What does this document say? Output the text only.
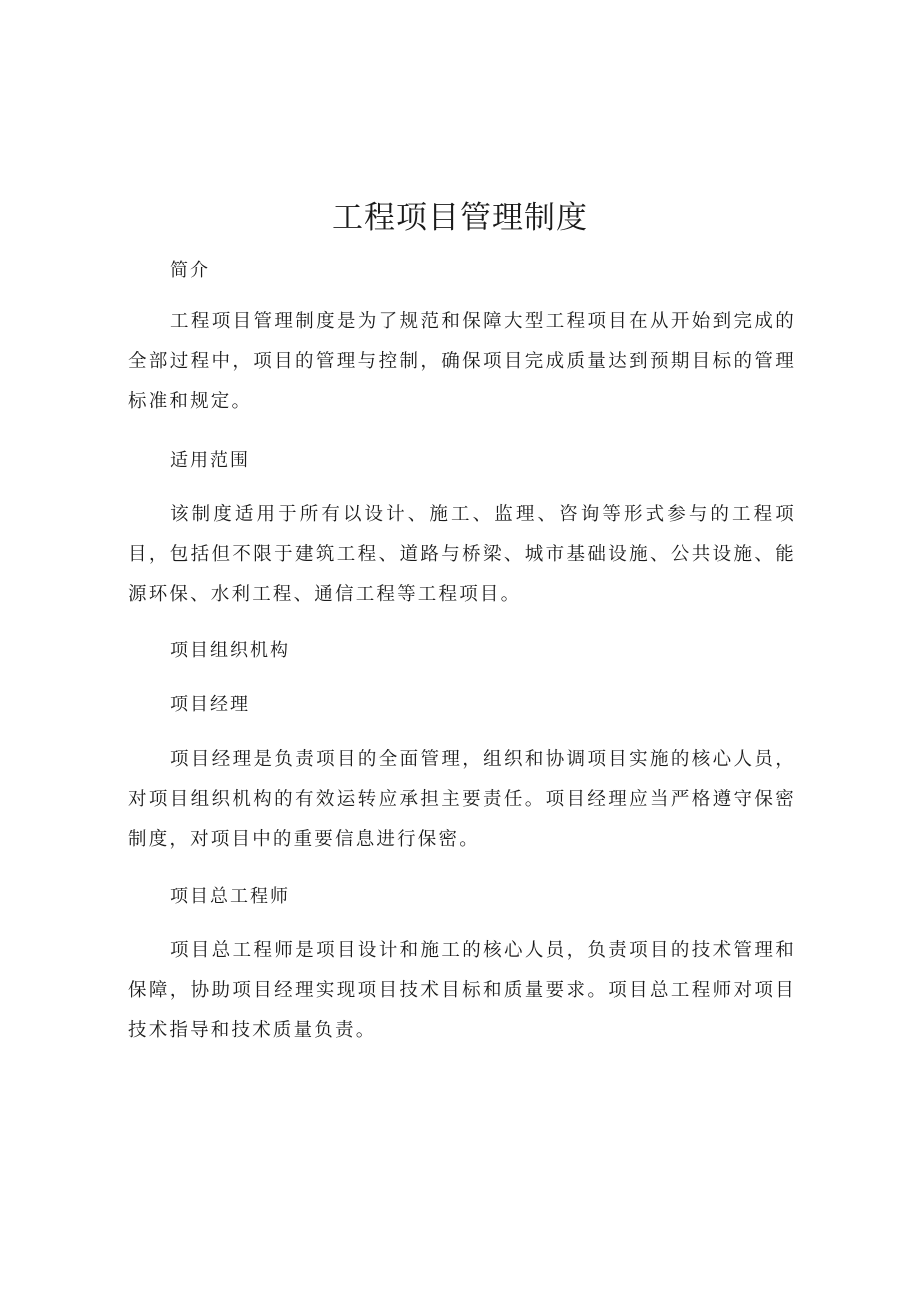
工程项目管理制度

简介

工程项目管理制度是为了规范和保障大型工程项目在从开始到完成的全部过程中，项目的管理与控制，确保项目完成质量达到预期目标的管理标准和规定。

适用范围

该制度适用于所有以设计、施工、监理、咨询等形式参与的工程项目，包括但不限于建筑工程、道路与桥梁、城市基础设施、公共设施、能源环保、水利工程、通信工程等工程项目。

项目组织机构

项目经理

项目经理是负责项目的全面管理，组织和协调项目实施的核心人员，对项目组织机构的有效运转应承担主要责任。项目经理应当严格遵守保密制度，对项目中的重要信息进行保密。

项目总工程师

项目总工程师是项目设计和施工的核心人员，负责项目的技术管理和保障，协助项目经理实现项目技术目标和质量要求。项目总工程师对项目技术指导和技术质量负责。
